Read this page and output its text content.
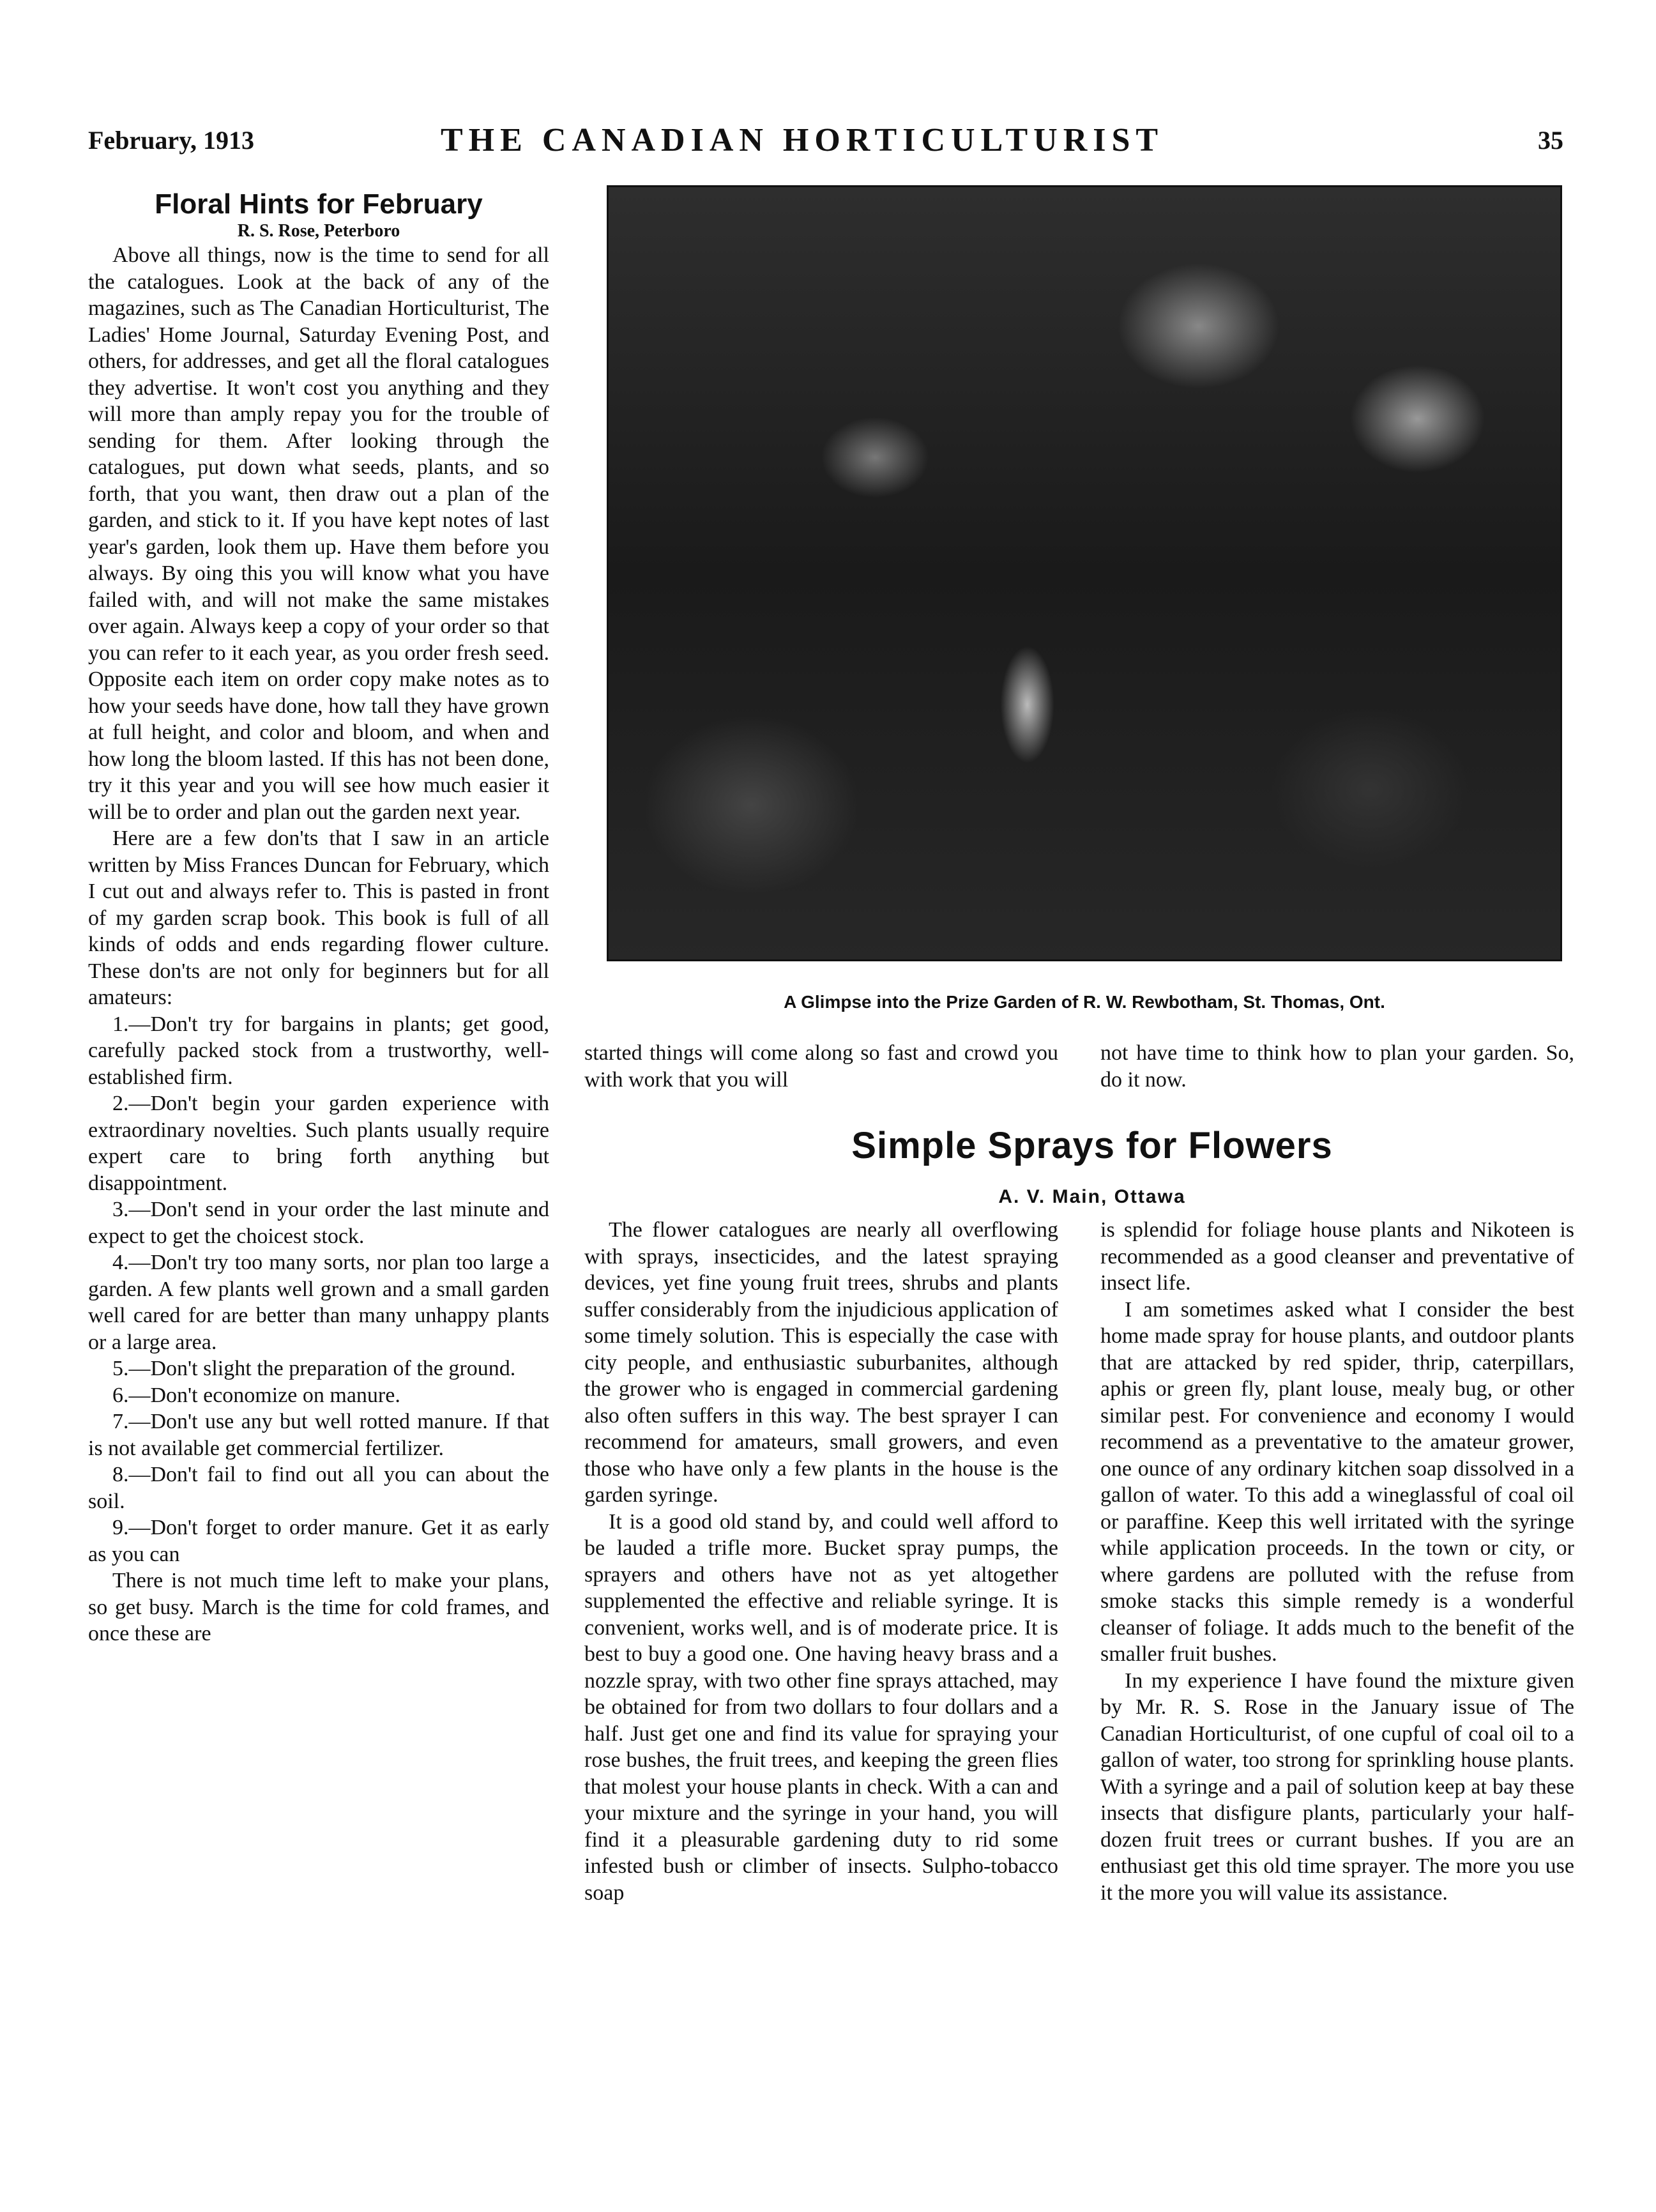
February, 1913	THE CANADIAN HORTICULTURIST	35

Floral Hints for February

R. S. Rose, Peterboro

Above all things, now is the time to send for all the catalogues. Look at the back of any of the magazines, such as The Canadian Horticulturist, The Ladies' Home Journal, Saturday Evening Post, and others, for addresses, and get all the floral catalogues they advertise. It won't cost you anything and they will more than amply repay you for the trouble of sending for them. After looking through the catalogues, put down what seeds, plants, and so forth, that you want, then draw out a plan of the garden, and stick to it. If you have kept notes of last year's garden, look them up. Have them before you always. By oing this you will know what you have failed with, and will not make the same mistakes over again. Always keep a copy of your order so that you can refer to it each year, as you order fresh seed. Opposite each item on order copy make notes as to how your seeds have done, how tall they have grown at full height, and color and bloom, and when and how long the bloom lasted. If this has not been done, try it this year and you will see how much easier it will be to order and plan out the garden next year.

Here are a few don'ts that I saw in an article written by Miss Frances Duncan for February, which I cut out and always refer to. This is pasted in front of my garden scrap book. This book is full of all kinds of odds and ends regarding flower culture. These don'ts are not only for beginners but for all amateurs:

1.—Don't try for bargains in plants; get good, carefully packed stock from a trustworthy, well-established firm.

2.—Don't begin your garden experience with extraordinary novelties. Such plants usually require expert care to bring forth anything but disappointment.

3.—Don't send in your order the last minute and expect to get the choicest stock.

4.—Don't try too many sorts, nor plan too large a garden. A few plants well grown and a small garden well cared for are better than many unhappy plants or a large area.

5.—Don't slight the preparation of the ground.

6.—Don't economize on manure.

7.—Don't use any but well rotted manure. If that is not available get commercial fertilizer.

8.—Don't fail to find out all you can about the soil.

9.—Don't forget to order manure. Get it as early as you can

There is not much time left to make your plans, so get busy. March is the time for cold frames, and once these are

A Glimpse into the Prize Garden of R. W. Rewbotham, St. Thomas, Ont.

started things will come along so fast and crowd you with work that you will

not have time to think how to plan your garden. So, do it now.

Simple Sprays for Flowers

A. V. Main, Ottawa

The flower catalogues are nearly all overflowing with sprays, insecticides, and the latest spraying devices, yet fine young fruit trees, shrubs and plants suffer considerably from the injudicious application of some timely solution. This is especially the case with city people, and enthusiastic suburbanites, although the grower who is engaged in commercial gardening also often suffers in this way. The best sprayer I can recommend for amateurs, small growers, and even those who have only a few plants in the house is the garden syringe.

It is a good old stand by, and could well afford to be lauded a trifle more. Bucket spray pumps, the sprayers and others have not as yet altogether supplemented the effective and reliable syringe. It is convenient, works well, and is of moderate price. It is best to buy a good one. One having heavy brass and a nozzle spray, with two other fine sprays attached, may be obtained for from two dollars to four dollars and a half. Just get one and find its value for spraying your rose bushes, the fruit trees, and keeping the green flies that molest your house plants in check. With a can and your mixture and the syringe in your hand, you will find it a pleasurable gardening duty to rid some infested bush or climber of insects. Sulpho-tobacco soap

is splendid for foliage house plants and Nikoteen is recommended as a good cleanser and preventative of insect life.

I am sometimes asked what I consider the best home made spray for house plants, and outdoor plants that are attacked by red spider, thrip, caterpillars, aphis or green fly, plant louse, mealy bug, or other similar pest. For convenience and economy I would recommend as a preventative to the amateur grower, one ounce of any ordinary kitchen soap dissolved in a gallon of water. To this add a wineglassful of coal oil or paraffine. Keep this well irritated with the syringe while application proceeds. In the town or city, or where gardens are polluted with the refuse from smoke stacks this simple remedy is a wonderful cleanser of foliage. It adds much to the benefit of the smaller fruit bushes.

In my experience I have found the mixture given by Mr. R. S. Rose in the January issue of The Canadian Horticulturist, of one cupful of coal oil to a gallon of water, too strong for sprinkling house plants. With a syringe and a pail of solution keep at bay these insects that disfigure plants, particularly your half-dozen fruit trees or currant bushes. If you are an enthusiast get this old time sprayer. The more you use it the more you will value its assistance.
